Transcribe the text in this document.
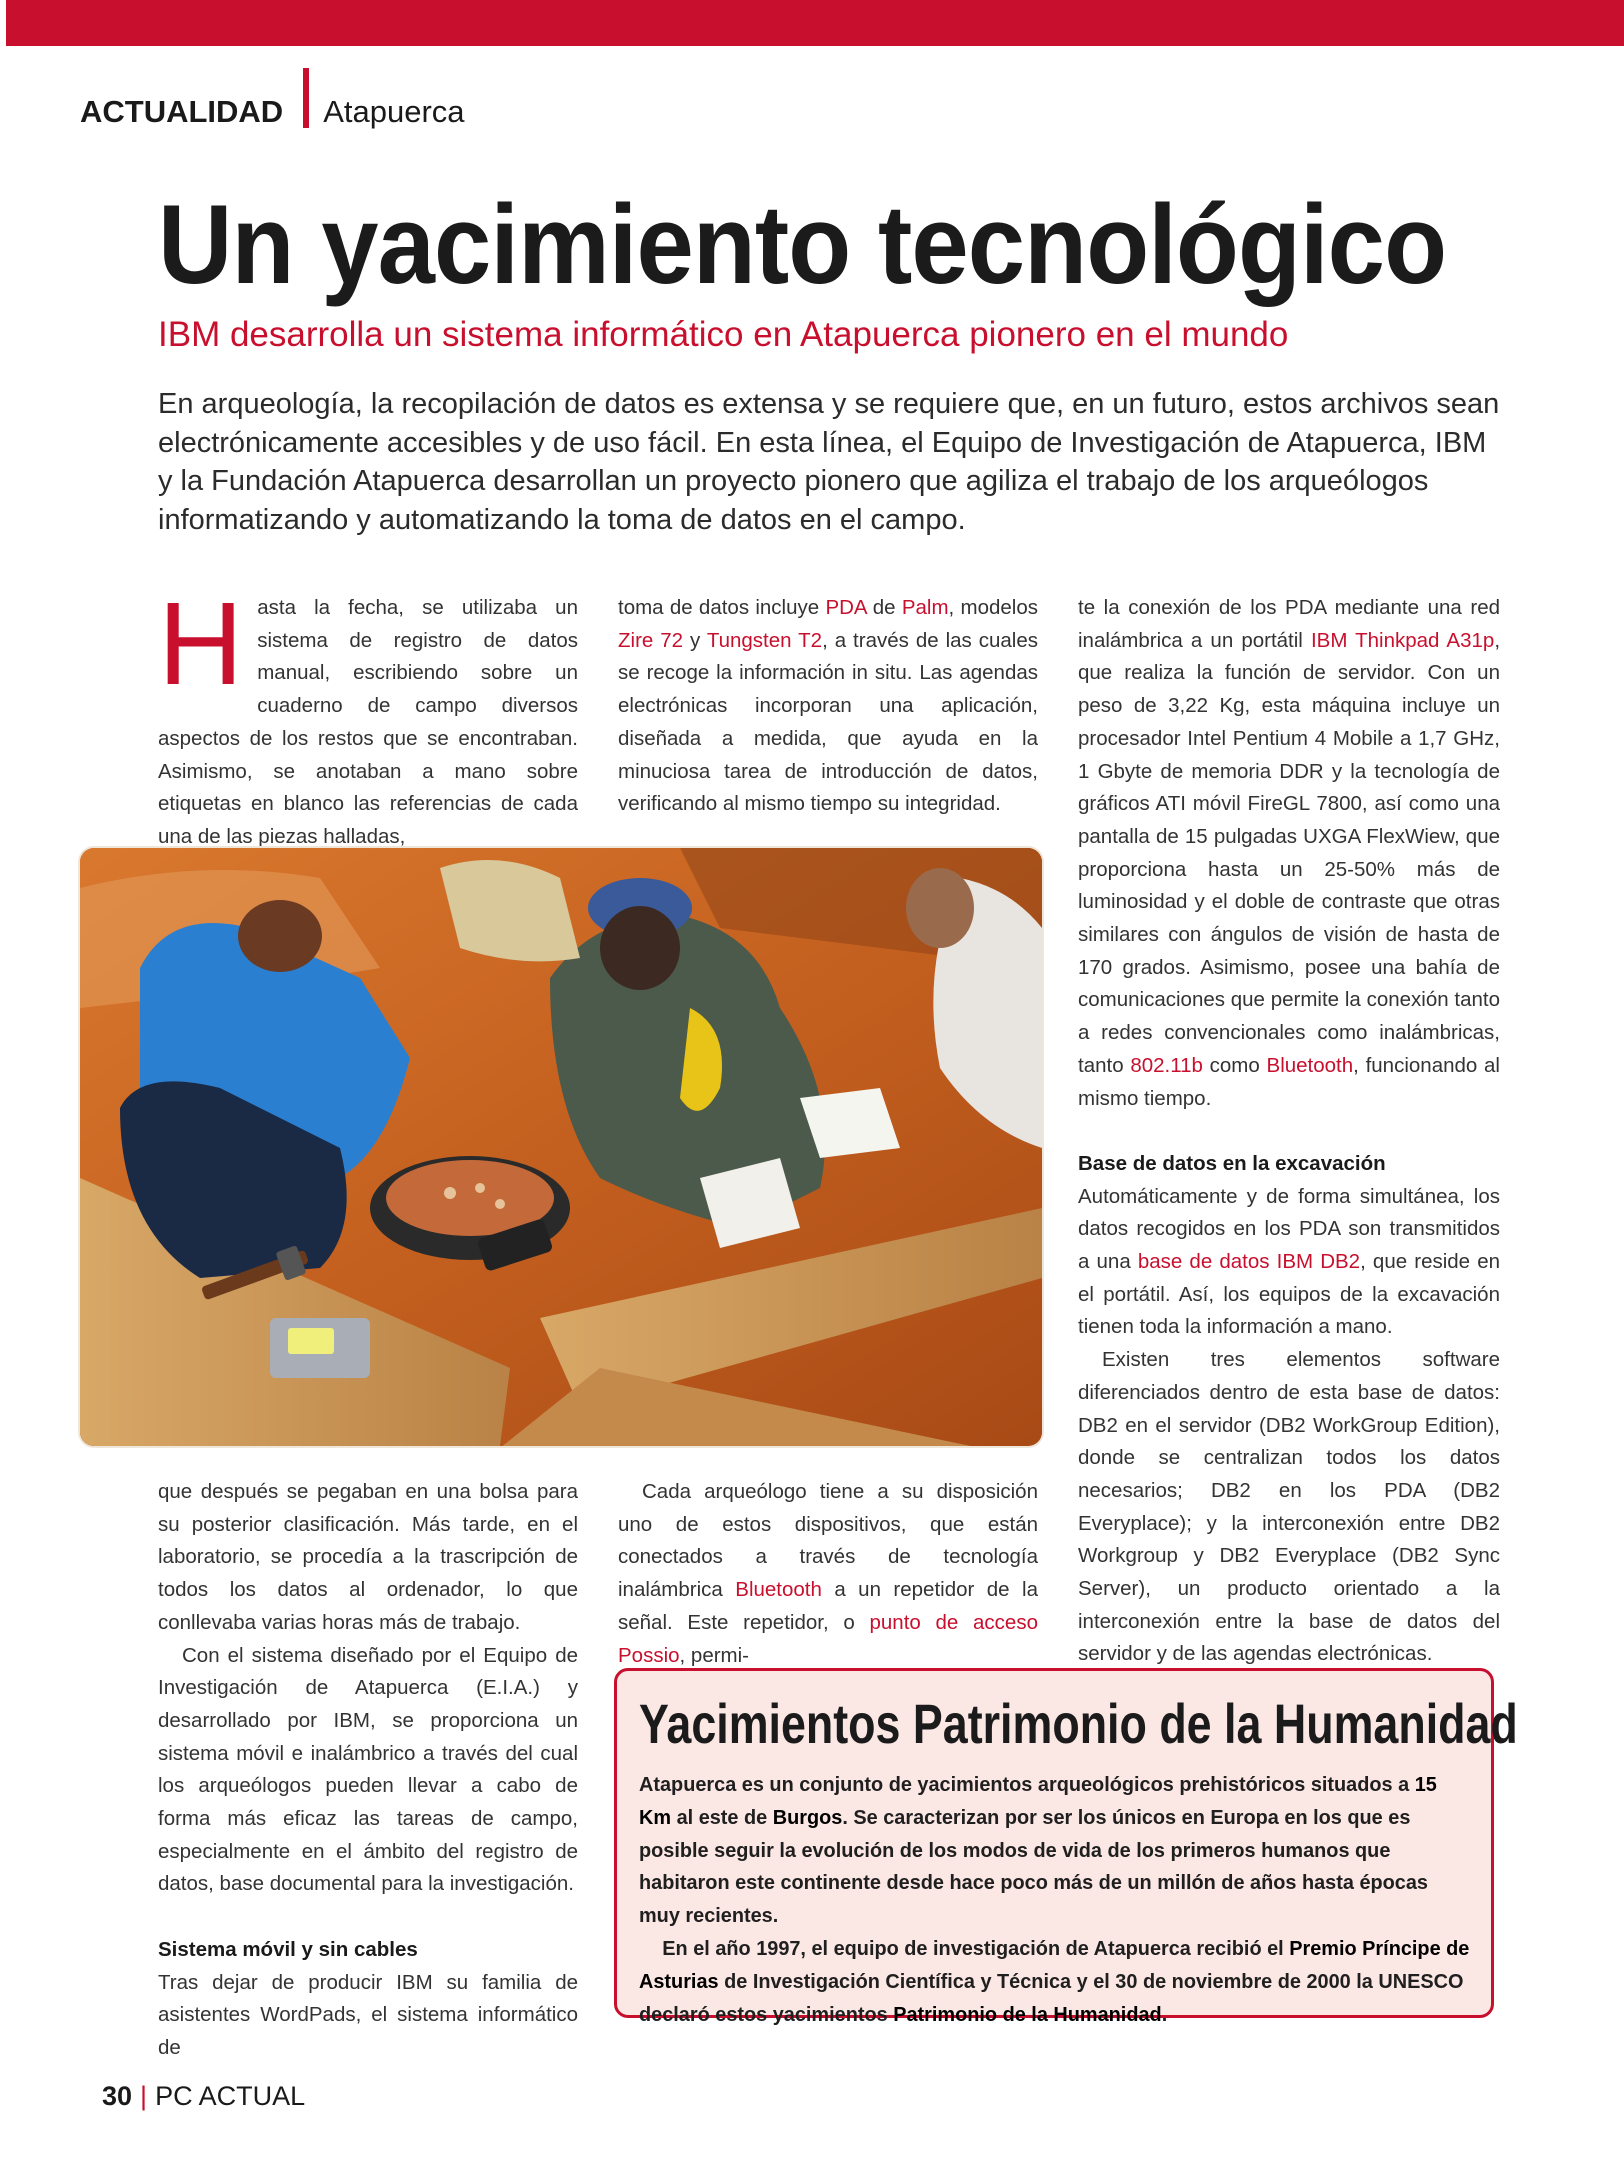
ACTUALIDAD Atapuerca
Un yacimiento tecnológico
IBM desarrolla un sistema informático en Atapuerca pionero en el mundo

En arqueología, la recopilación de datos es extensa y se requiere que, en un futuro, estos archivos sean electrónicamente accesibles y de uso fácil. En esta línea, el Equipo de Investigación de Atapuerca, IBM y la Fundación Atapuerca desarrollan un proyecto pionero que agiliza el trabajo de los arqueólogos informatizando y automatizando la toma de datos en el campo.

Hasta la fecha, se utilizaba un sistema de registro de datos manual, escribiendo sobre un cuaderno de campo diversos aspectos de los restos que se encontraban. Asimismo, se anotaban a mano sobre etiquetas en blanco las referencias de cada una de las piezas halladas,

toma de datos incluye PDA de Palm, modelos Zire 72 y Tungsten T2, a través de las cuales se recoge la información in situ. Las agendas electrónicas incorporan una aplicación, diseñada a medida, que ayuda en la minuciosa tarea de introducción de datos, verificando al mismo tiempo su integridad.

te la conexión de los PDA mediante una red inalámbrica a un portátil IBM Thinkpad A31p, que realiza la función de servidor. Con un peso de 3,22 Kg, esta máquina incluye un procesador Intel Pentium 4 Mobile a 1,7 GHz, 1 Gbyte de memoria DDR y la tecnología de gráficos ATI móvil FireGL 7800, así como una pantalla de 15 pulgadas UXGA FlexWiew, que proporciona hasta un 25-50% más de luminosidad y el doble de contraste que otras similares con ángulos de visión de hasta de 170 grados. Asimismo, posee una bahía de comunicaciones que permite la conexión tanto a redes convencionales como inalámbricas, tanto 802.11b como Bluetooth, funcionando al mismo tiempo.

Base de datos en la excavación

Automáticamente y de forma simultánea, los datos recogidos en los PDA son transmitidos a una base de datos IBM DB2, que reside en el portátil. Así, los equipos de la excavación tienen toda la información a mano.

Existen tres elementos software diferenciados dentro de esta base de datos: DB2 en el servidor (DB2 WorkGroup Edition), donde se centralizan todos los datos necesarios; DB2 en los PDA (DB2 Everyplace); y la interconexión entre DB2 Workgroup y DB2 Everyplace (DB2 Sync Server), un producto orientado a la interconexión entre la base de datos del servidor y de las agendas electrónicas.

que después se pegaban en una bolsa para su posterior clasificación. Más tarde, en el laboratorio, se procedía a la trascripción de todos los datos al ordenador, lo que conllevaba varias horas más de trabajo.

Con el sistema diseñado por el Equipo de Investigación de Atapuerca (E.I.A.) y desarrollado por IBM, se proporciona un sistema móvil e inalámbrico a través del cual los arqueólogos pueden llevar a cabo de forma más eficaz las tareas de campo, especialmente en el ámbito del registro de datos, base documental para la investigación.

Sistema móvil y sin cables

Tras dejar de producir IBM su familia de asistentes WordPads, el sistema informático de

Cada arqueólogo tiene a su disposición uno de estos dispositivos, que están conectados a través de tecnología inalámbrica Bluetooth a un repetidor de la señal. Este repetidor, o punto de acceso Possio, permi-

Yacimientos Patrimonio de la Humanidad

Atapuerca es un conjunto de yacimientos arqueológicos prehistóricos situados a 15 Km al este de Burgos. Se caracterizan por ser los únicos en Europa en los que es posible seguir la evolución de los modos de vida de los primeros humanos que habitaron este continente desde hace poco más de un millón de años hasta épocas muy recientes.

En el año 1997, el equipo de investigación de Atapuerca recibió el Premio Príncipe de Asturias de Investigación Científica y Técnica y el 30 de noviembre de 2000 la UNESCO declaró estos yacimientos Patrimonio de la Humanidad.

30 | PC ACTUAL
